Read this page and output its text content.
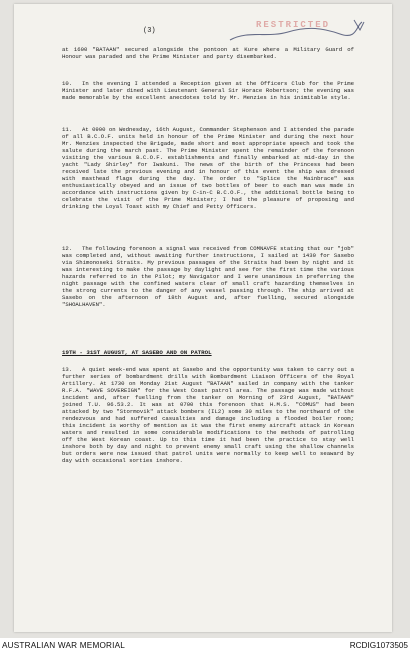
(3)
RESTRICTED
at 1600 "BATAAN" secured alongside the pontoon at Kure where a Military Guard of Honour was paraded and the Prime Minister and party disembarked.
10. In the evening I attended a Reception given at the Officers Club for the Prime Minister and later dined with Lieutenant General Sir Horace Robertson; the evening was made memorable by the excellent anecdotes told by Mr. Menzies in his inimitable style.
11. At 0900 on Wednesday, 16th August, Commander Stephenson and I attended the parade of all B.C.O.F. units held in honour of the Prime Minister and during the next hour Mr. Menzies inspected the Brigade, made short and most appropriate speech and took the salute during the march past. The Prime Minister spent the remainder of the forenoon visiting the various B.C.O.F. establishments and finally embarked at mid-day in the yacht "Lady Shirley" for Iwakuni. The news of the birth of the Princess had been received late the previous evening and in honour of this event the ship was dressed with masthead flags during the day. The order to "Splice the Mainbrace" was enthusiastically obeyed and an issue of two bottles of beer to each man was made in accordance with instructions given by C-in-C B.C.O.F., the additional bottle being to celebrate the visit of the Prime Minister; I had the pleasure of proposing and drinking the Loyal Toast with my Chief and Petty Officers.
12. The following forenoon a signal was received from COMNAVFE stating that our "job" was completed and, without awaiting further instructions, I sailed at 1430 for Sasebo via Shimonoseki Straits. My previous passages of the Straits had been by night and it was interesting to make the passage by daylight and see for the first time the various hazards referred to in the Pilot; my Navigator and I were unanimous in preferring the night passage with the confined waters clear of small craft hazarding themselves in the strong currents to the danger of any vessel passing through. The ship arrived at Sasebo on the afternoon of 18th August and, after fuelling, secured alongside "SHOALHAVEN".
19TH - 31ST AUGUST, AT SASEBO AND ON PATROL
13. A quiet week-end was spent at Sasebo and the opportunity was taken to carry out a further series of bombardment drills with Bombardment Liaison Officers of the Royal Artillery. At 1730 on Monday 21st August "BATAAN" sailed in company with the tanker R.F.A. "WAVE SOVEREIGN" for the West Coast patrol area. The passage was made without incident and, after fuelling from the tanker on Morning of 23rd August, "BATAAN" joined T.U. 96.53.2. It was at 0700 this forenoon that H.M.S. "COMUS" had been attacked by two "Stormovik" attack bombers (IL2) some 30 miles to the northward of the rendezvous and had suffered casualties and damage including a flooded boiler room; this incident is worthy of mention as it was the first enemy aircraft attack in Korean waters and resulted in some considerable modifications to the methods of patrolling off the West Korean coast. Up to this time it had been the practice to stay well inshore both by day and night to prevent enemy small craft using the shallow channels but orders were now issued that patrol units were normally to keep well to seaward by day with occasional sorties inshore.
AUSTRALIAN WAR MEMORIAL	RCDIG1073505
